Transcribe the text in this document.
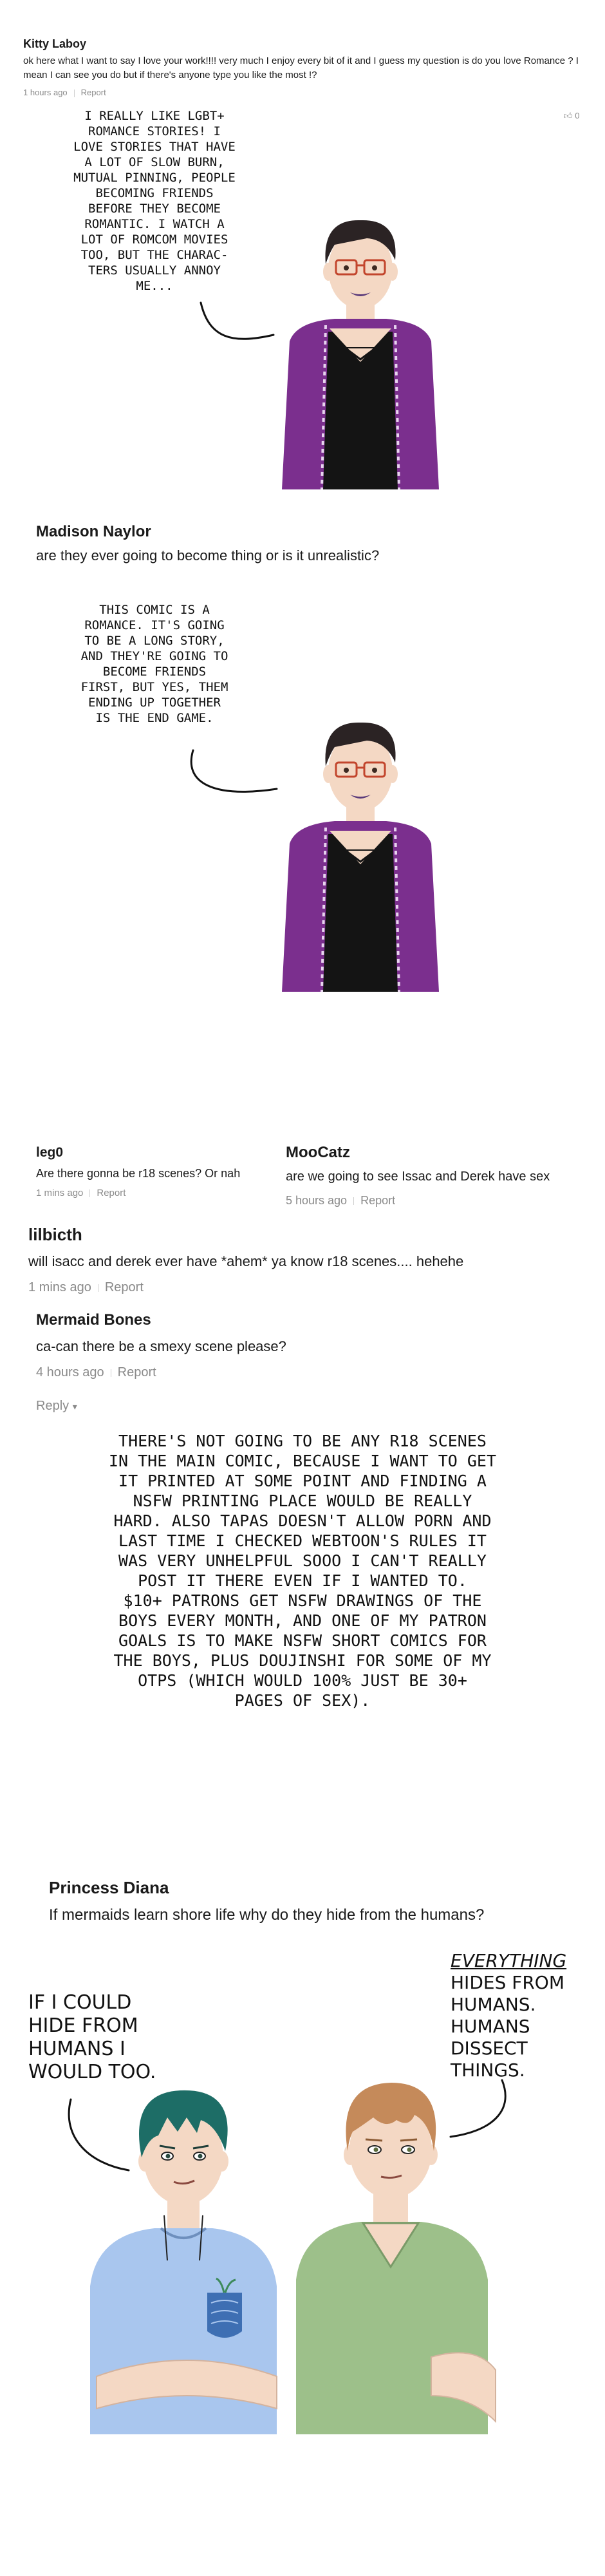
Kitty Laboy
ok here what I want to say I love your work!!!! very much I enjoy every bit of it and I guess my question is do you love Romance ? I mean I can see you do but if there's anyone type you like the most !?
1 hours ago Report
👍︎ 0
I REALLY LIKE LGBT+
ROMANCE STORIES! I
LOVE STORIES THAT HAVE
A LOT OF SLOW BURN,
MUTUAL PINNING, PEOPLE
BECOMING FRIENDS
BEFORE THEY BECOME
ROMANTIC. I WATCH A
LOT OF ROMCOM MOVIES
TOO, BUT THE CHARAC-
TERS USUALLY ANNOY
ME...
Madison Naylor
are they ever going to become thing or is it unrealistic?
THIS COMIC IS A
ROMANCE. IT'S GOING
TO BE A LONG STORY,
AND THEY'RE GOING TO
BECOME FRIENDS
FIRST, BUT YES, THEM
ENDING UP TOGETHER
IS THE END GAME.
leg0
Are there gonna be r18 scenes? Or nah
1 mins ago Report
MooCatz
are we going to see Issac and Derek have sex
5 hours ago Report
lilbicth
will isacc and derek ever have *ahem* ya know r18 scenes.... hehehe
1 mins ago Report
Mermaid Bones
ca-can there be a smexy scene please?
4 hours ago Report
Reply ▾
THERE'S NOT GOING TO BE ANY R18 SCENES
IN THE MAIN COMIC, BECAUSE I WANT TO GET
IT PRINTED AT SOME POINT AND FINDING A
NSFW PRINTING PLACE WOULD BE REALLY
HARD. ALSO TAPAS DOESN'T ALLOW PORN AND
LAST TIME I CHECKED WEBTOON'S RULES IT
WAS VERY UNHELPFUL SOOO I CAN'T REALLY
POST IT THERE EVEN IF I WANTED TO.
$10+ PATRONS GET NSFW DRAWINGS OF THE
BOYS EVERY MONTH, AND ONE OF MY PATRON
GOALS IS TO MAKE NSFW SHORT COMICS FOR
THE BOYS, PLUS DOUJINSHI FOR SOME OF MY
OTPS (WHICH WOULD 100% JUST BE 30+
PAGES OF SEX).
Princess Diana
If mermaids learn shore life why do they hide from the humans?
IF I COULD
HIDE FROM
HUMANS I
WOULD TOO.
EVERYTHING
HIDES FROM
HUMANS.
HUMANS
DISSECT
THINGS.
